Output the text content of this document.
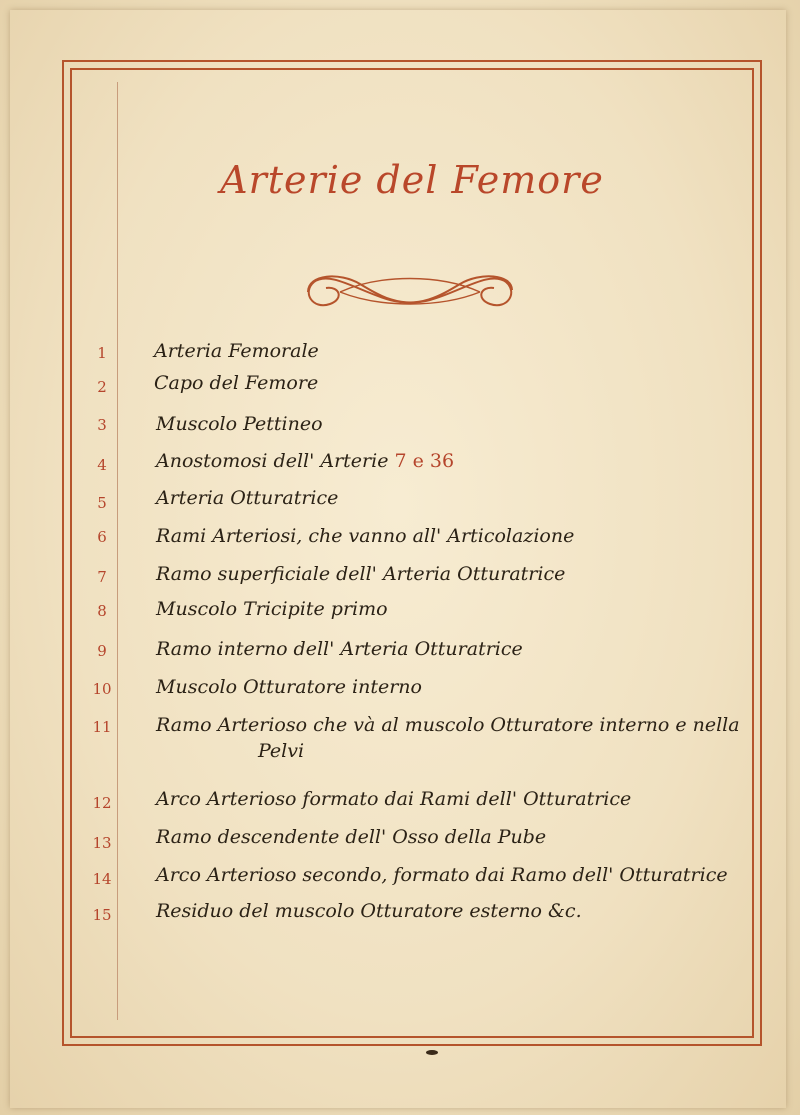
Arterie del Femore
1	Arteria Femorale
2	Capo del Femore
3	Muscolo Pettineo
4	Anostomosi dell' Arterie 7 e 36
5	Arteria Otturatrice
6	Rami Arteriosi, che vanno all' Articolazione
7	Ramo superficiale dell' Arteria Otturatrice
8	Muscolo Tricipite primo
9	Ramo interno dell' Arteria Otturatrice
10	Muscolo Otturatore interno
11	Ramo Arterioso che và al muscolo Otturatore interno e nella
Pelvi
12	Arco Arterioso formato dai Rami dell' Otturatrice
13	Ramo descendente dell' Osso della Pube
14	Arco Arterioso secondo, formato dai Ramo dell' Otturatrice
15	Residuo del muscolo Otturatore esterno &c.
